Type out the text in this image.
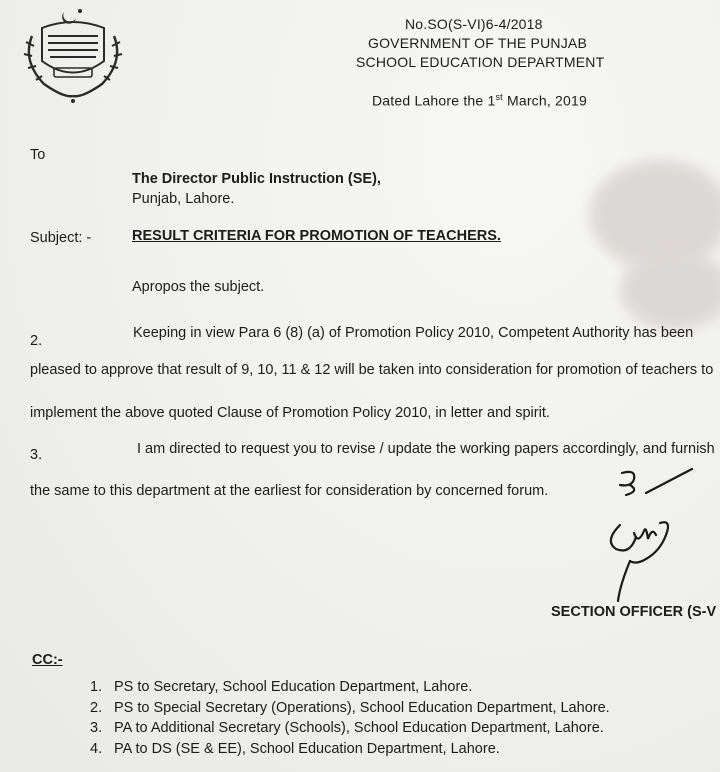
No.SO(S-VI)6-4/2018
GOVERNMENT OF THE PUNJAB
SCHOOL EDUCATION DEPARTMENT
Dated Lahore the 1st March, 2019
To
The Director Public Instruction (SE),
Punjab, Lahore.
Subject: -	RESULT CRITERIA FOR PROMOTION OF TEACHERS.
Apropos the subject.
2.	Keeping in view Para 6 (8) (a) of Promotion Policy 2010, Competent Authority has been
pleased to approve that result of 9, 10, 11 & 12 will be taken into consideration for promotion of teachers to
implement the above quoted Clause of Promotion Policy 2010, in letter and spirit.
3.	I am directed to request you to revise / update the working papers accordingly, and furnish
the same to this department at the earliest for consideration by concerned forum.
SECTION OFFICER (S-V
CC:-
1. PS to Secretary, School Education Department, Lahore.
2. PS to Special Secretary (Operations), School Education Department, Lahore.
3. PA to Additional Secretary (Schools), School Education Department, Lahore.
4. PA to DS (SE & EE), School Education Department, Lahore.
